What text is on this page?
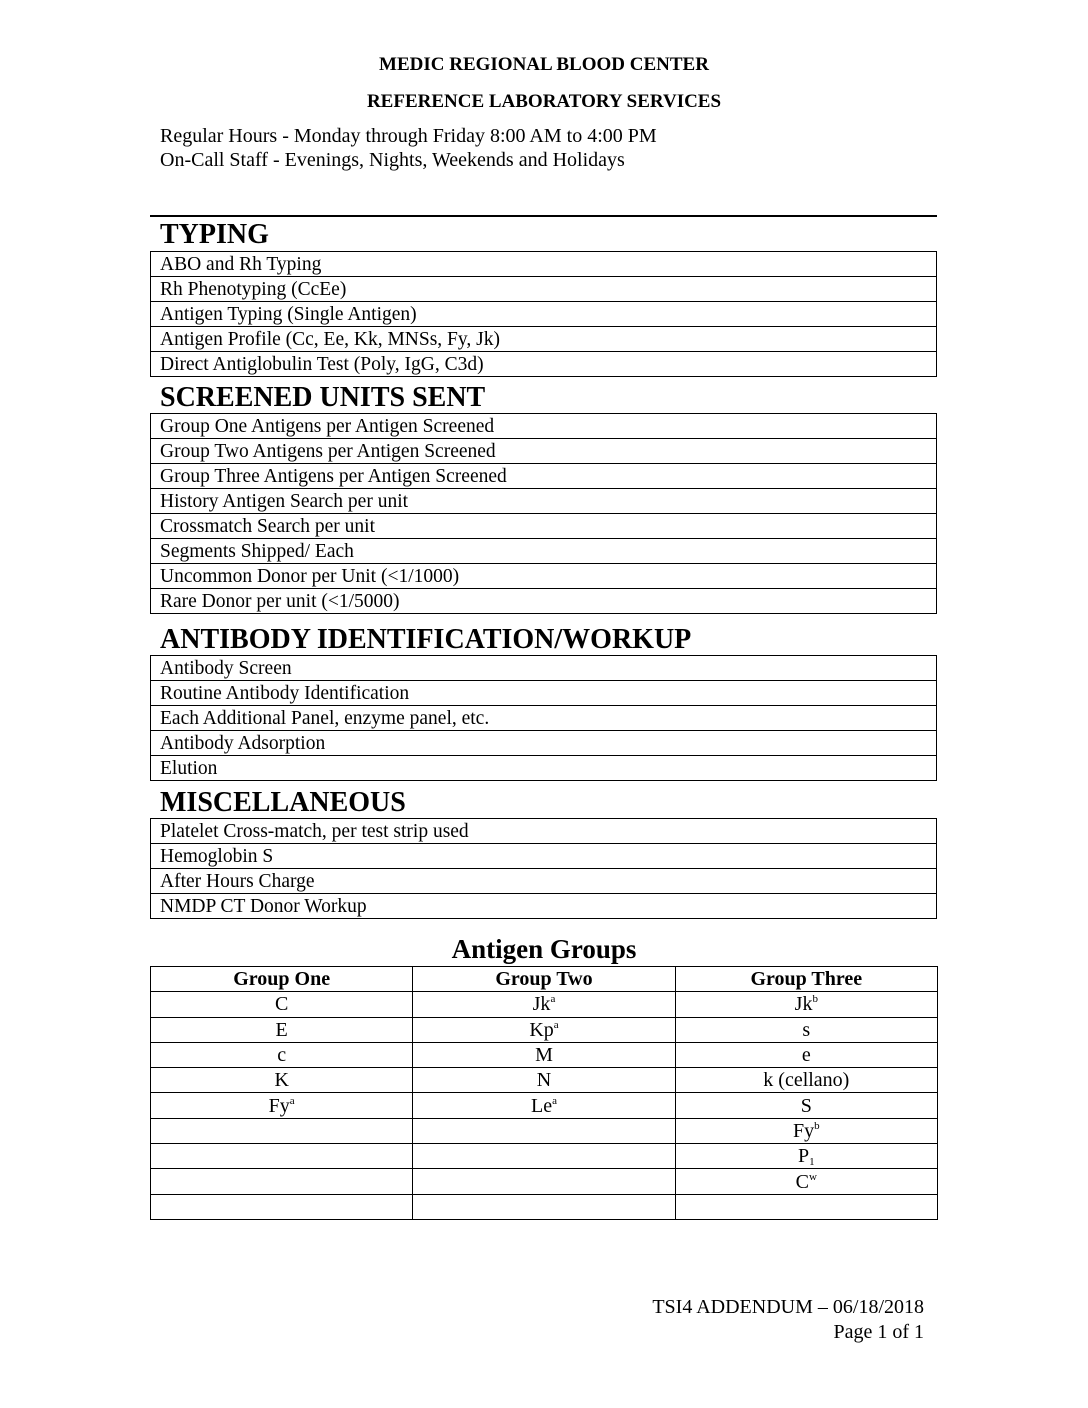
MEDIC REGIONAL BLOOD CENTER
REFERENCE LABORATORY SERVICES
Regular Hours - Monday through Friday 8:00 AM to 4:00 PM
On-Call Staff - Evenings, Nights, Weekends and Holidays
TYPING
ABO and Rh Typing
Rh Phenotyping (CcEe)
Antigen Typing (Single Antigen)
Antigen Profile (Cc, Ee, Kk, MNSs, Fy, Jk)
Direct Antiglobulin Test (Poly, IgG, C3d)
SCREENED UNITS SENT
Group One Antigens per Antigen Screened
Group Two Antigens per Antigen Screened
Group Three Antigens per Antigen Screened
History Antigen Search per unit
Crossmatch Search per unit
Segments Shipped/ Each
Uncommon Donor per Unit (<1/1000)
Rare Donor per unit (<1/5000)
ANTIBODY IDENTIFICATION/WORKUP
Antibody Screen
Routine Antibody Identification
Each Additional Panel, enzyme panel, etc.
Antibody Adsorption
Elution
MISCELLANEOUS
Platelet Cross-match, per test strip used
Hemoglobin S
After Hours Charge
NMDP CT Donor Workup
Antigen Groups
Group One	Group Two	Group Three
C	Jk$^a$	Jk$^b$
E	Kp$^a$	s
c	M	e
K	N	k (cellano)
Fy$^a$	Le$^a$	S
		Fy$^b$
		$P_1$
		$C^w$

TSI4 ADDENDUM – 06/18/2018
Page 1 of 1
